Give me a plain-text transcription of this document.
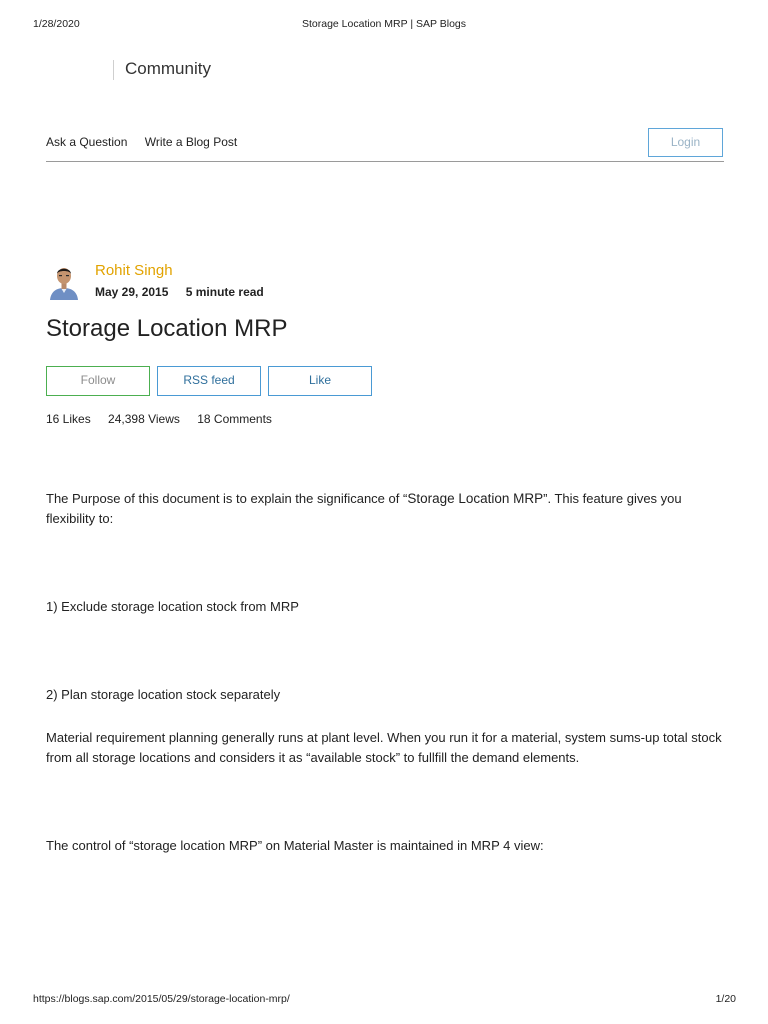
1/28/2020	Storage Location MRP | SAP Blogs
Community
Ask a Question Write a Blog Post	Login
Rohit Singh
May 29, 2015 5 minute read
Storage Location MRP
Follow	RSS feed	Like
16 Likes 24,398 Views 18 Comments
The Purpose of this document is to explain the significance of “Storage Location MRP”. This feature gives you flexibility to:
1) Exclude storage location stock from MRP
2) Plan storage location stock separately
Material requirement planning generally runs at plant level. When you run it for a material, system sums-up total stock from all storage locations and considers it as “available stock” to fullfill the demand elements.
The control of “storage location MRP” on Material Master is maintained in MRP 4 view:
https://blogs.sap.com/2015/05/29/storage-location-mrp/	1/20
